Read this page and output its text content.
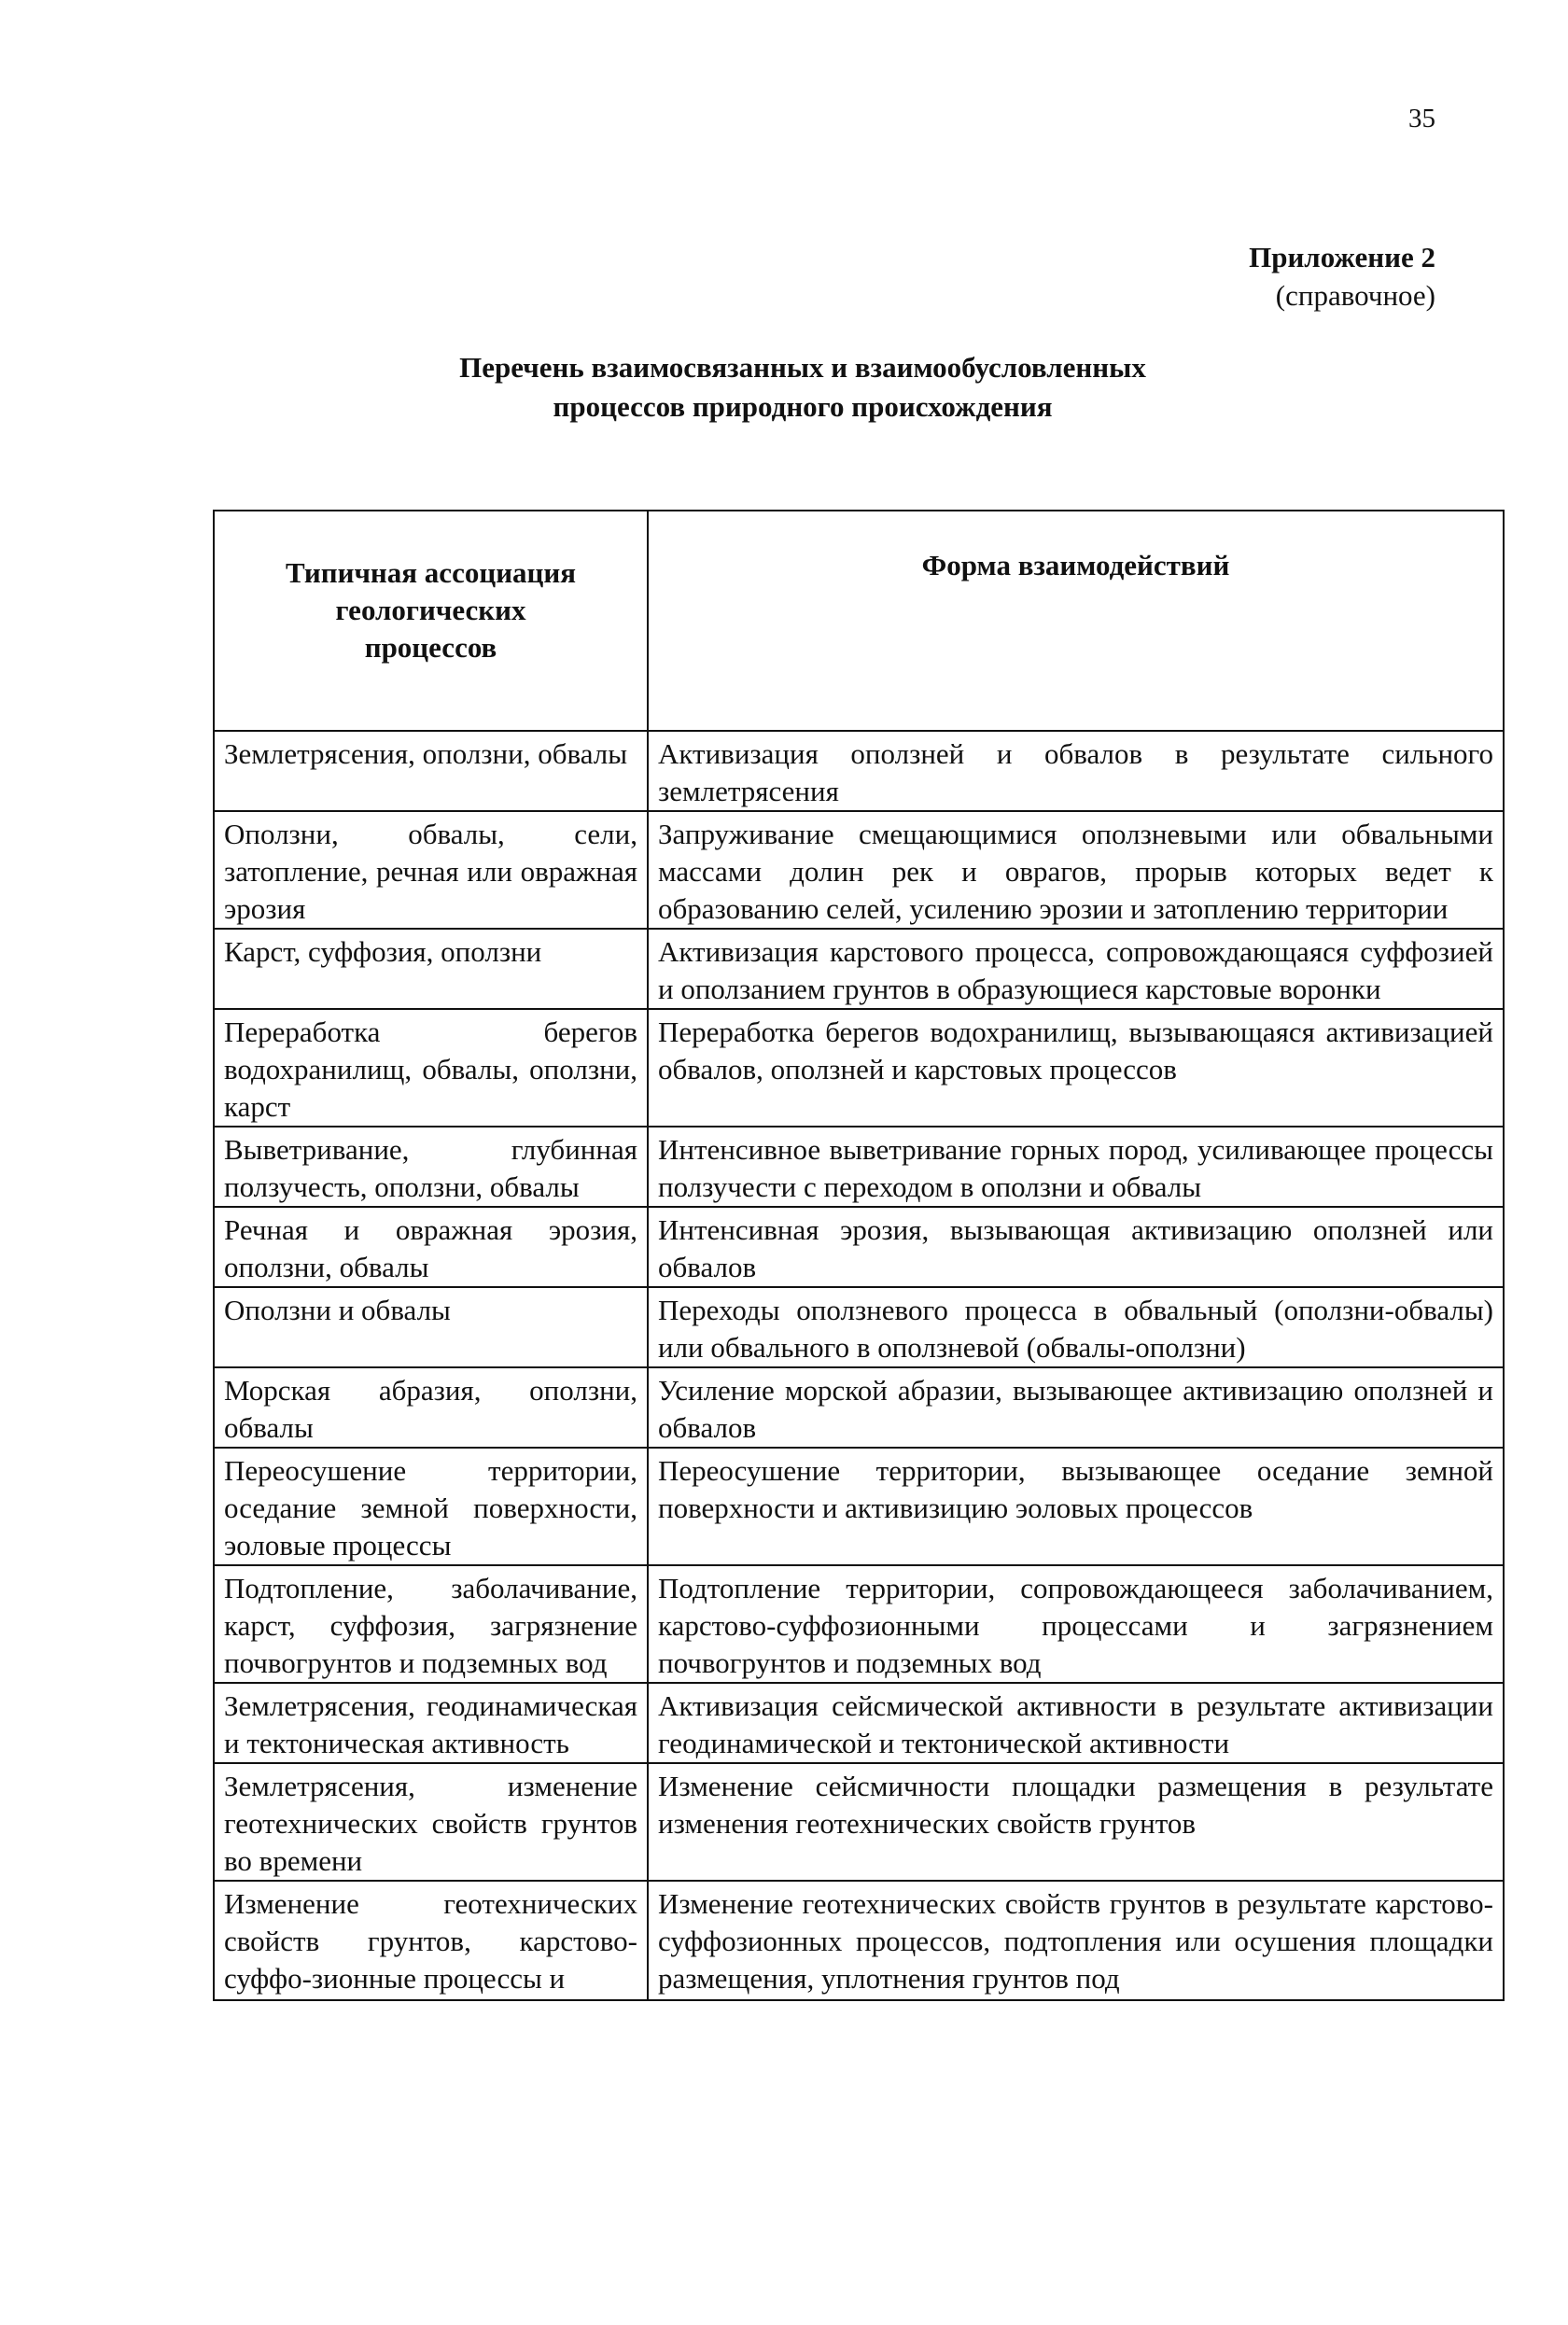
35
Приложение 2
(справочное)
Перечень взаимосвязанных и взаимообусловленных
процессов природного происхождения
Типичная ассоциация
геологических
процессов	Форма взаимодействий
Землетрясения, оползни, обвалы	Активизация оползней и обвалов в результате сильного землетрясения
Оползни, обвалы, сели, затопление, речная или овражная эрозия	Запруживание смещающимися оползневыми или обвальными массами долин рек и оврагов, прорыв которых ведет к образованию селей, усилению эрозии и затоплению территории
Карст, суффозия, оползни	Активизация карстового процесса, сопровождающаяся суффозией и оползанием грунтов в образующиеся карстовые воронки
Переработка берегов водохранилищ, обвалы, оползни, карст	Переработка берегов водохранилищ, вызывающаяся активизацией обвалов, оползней и карстовых процессов
Выветривание, глубинная ползучесть, оползни, обвалы	Интенсивное выветривание горных пород, усиливающее процессы ползучести с переходом в оползни и обвалы
Речная и овражная эрозия, оползни, обвалы	Интенсивная эрозия, вызывающая активизацию оползней или обвалов
Оползни и обвалы	Переходы оползневого процесса в обвальный (оползни-обвалы) или обвального в оползневой (обвалы-оползни)
Морская абразия, оползни, обвалы	Усиление морской абразии, вызывающее активизацию оползней и обвалов
Переосушение территории, оседание земной поверхности, эоловые процессы	Переосушение территории, вызывающее оседание земной поверхности и активизицию эоловых процессов
Подтопление, заболачивание, карст, суффозия, загрязнение почвогрунтов и подземных вод	Подтопление территории, сопровождающееся заболачиванием, карстово-суффозионными процессами и загрязнением почвогрунтов и подземных вод
Землетрясения, геодинамическая и тектоническая активность	Активизация сейсмической активности в результате активизации геодинамической и тектонической активности
Землетрясения, изменение геотехнических свойств грунтов во времени	Изменение сейсмичности площадки размещения в результате изменения геотехнических свойств грунтов

Изменение геотехнических свойств грунтов, карстово-суффо-зионные процессы и	Изменение геотехнических свойств грунтов в результате карстово-суффозионных процессов, подтопления или осушения площадки размещения, уплотнения грунтов под
